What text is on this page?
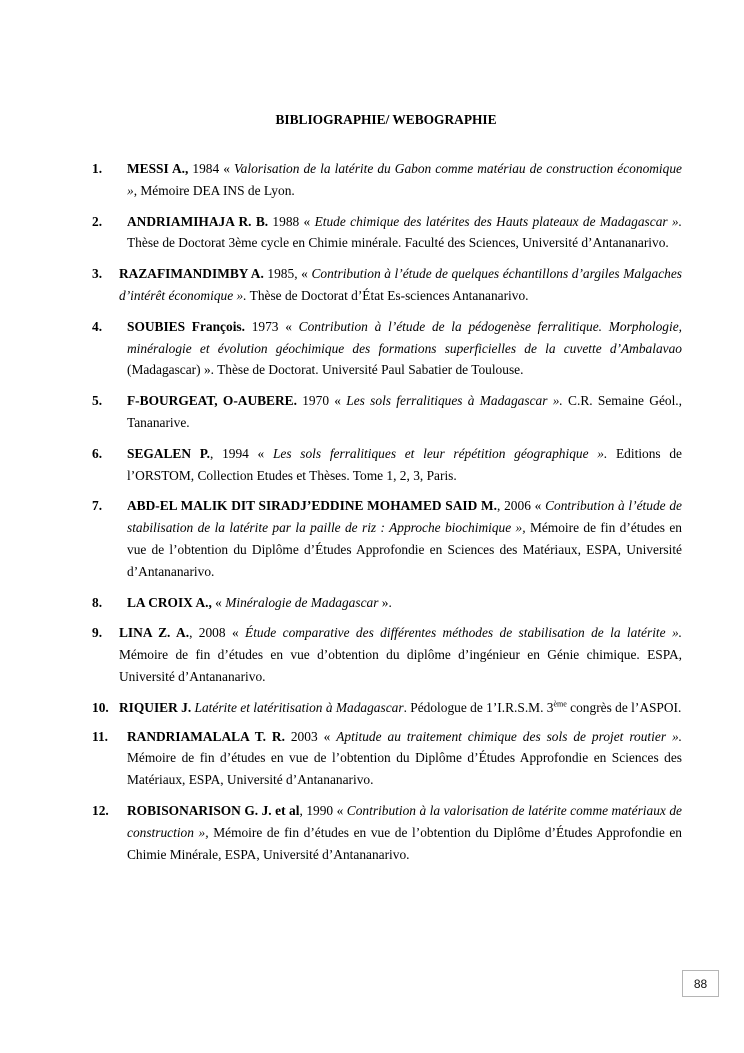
BIBLIOGRAPHIE/ WEBOGRAPHIE
1. MESSI A., 1984 « Valorisation de la latérite du Gabon comme matériau de construction économique », Mémoire DEA INS de Lyon.
2. ANDRIAMIHAJA R. B. 1988 « Etude chimique des latérites des Hauts plateaux de Madagascar ». Thèse de Doctorat 3ème cycle en Chimie minérale. Faculté des Sciences, Université d’Antananarivo.
3. RAZAFIMANDIMBY A. 1985, « Contribution à l’étude de quelques échantillons d’argiles Malgaches d’intérêt économique ». Thèse de Doctorat d’État Es-sciences Antananarivo.
4. SOUBIES François. 1973 « Contribution à l’étude de la pédogenèse ferralitique. Morphologie, minéralogie et évolution géochimique des formations superficielles de la cuvette d’Ambalavao (Madagascar) ». Thèse de Doctorat. Université Paul Sabatier de Toulouse.
5. F-BOURGEAT, O-AUBERE. 1970 « Les sols ferralitiques à Madagascar ». C.R. Semaine Géol., Tananarive.
6. SEGALEN P., 1994 « Les sols ferralitiques et leur répétition géographique ». Editions de l’ORSTOM, Collection Etudes et Thèses. Tome 1, 2, 3, Paris.
7. ABD-EL MALIK DIT SIRADJ’EDDINE MOHAMED SAID M., 2006 « Contribution à l’étude de stabilisation de la latérite par la paille de riz : Approche biochimique », Mémoire de fin d’études en vue de l’obtention du Diplôme d’Études Approfondie en Sciences des Matériaux, ESPA, Université d’Antananarivo.
8. LA CROIX A., « Minéralogie de Madagascar ».
9. LINA Z. A., 2008 « Étude comparative des différentes méthodes de stabilisation de la latérite ». Mémoire de fin d’études en vue d’obtention du diplôme d’ingénieur en Génie chimique. ESPA, Université d’Antananarivo.
10. RIQUIER J. Latérite et latéritisation à Madagascar. Pédologue de 1’I.R.S.M. 3ème congrès de l’ASPOI.
11. RANDRIAMALALA T. R. 2003 « Aptitude au traitement chimique des sols de projet routier ». Mémoire de fin d’études en vue de l’obtention du Diplôme d’Études Approfondie en Sciences des Matériaux, ESPA, Université d’Antananarivo.
12. ROBISONARISON G. J. et al, 1990 « Contribution à la valorisation de latérite comme matériaux de construction », Mémoire de fin d’études en vue de l’obtention du Diplôme d’Études Approfondie en Chimie Minérale, ESPA, Université d’Antananarivo.
88
